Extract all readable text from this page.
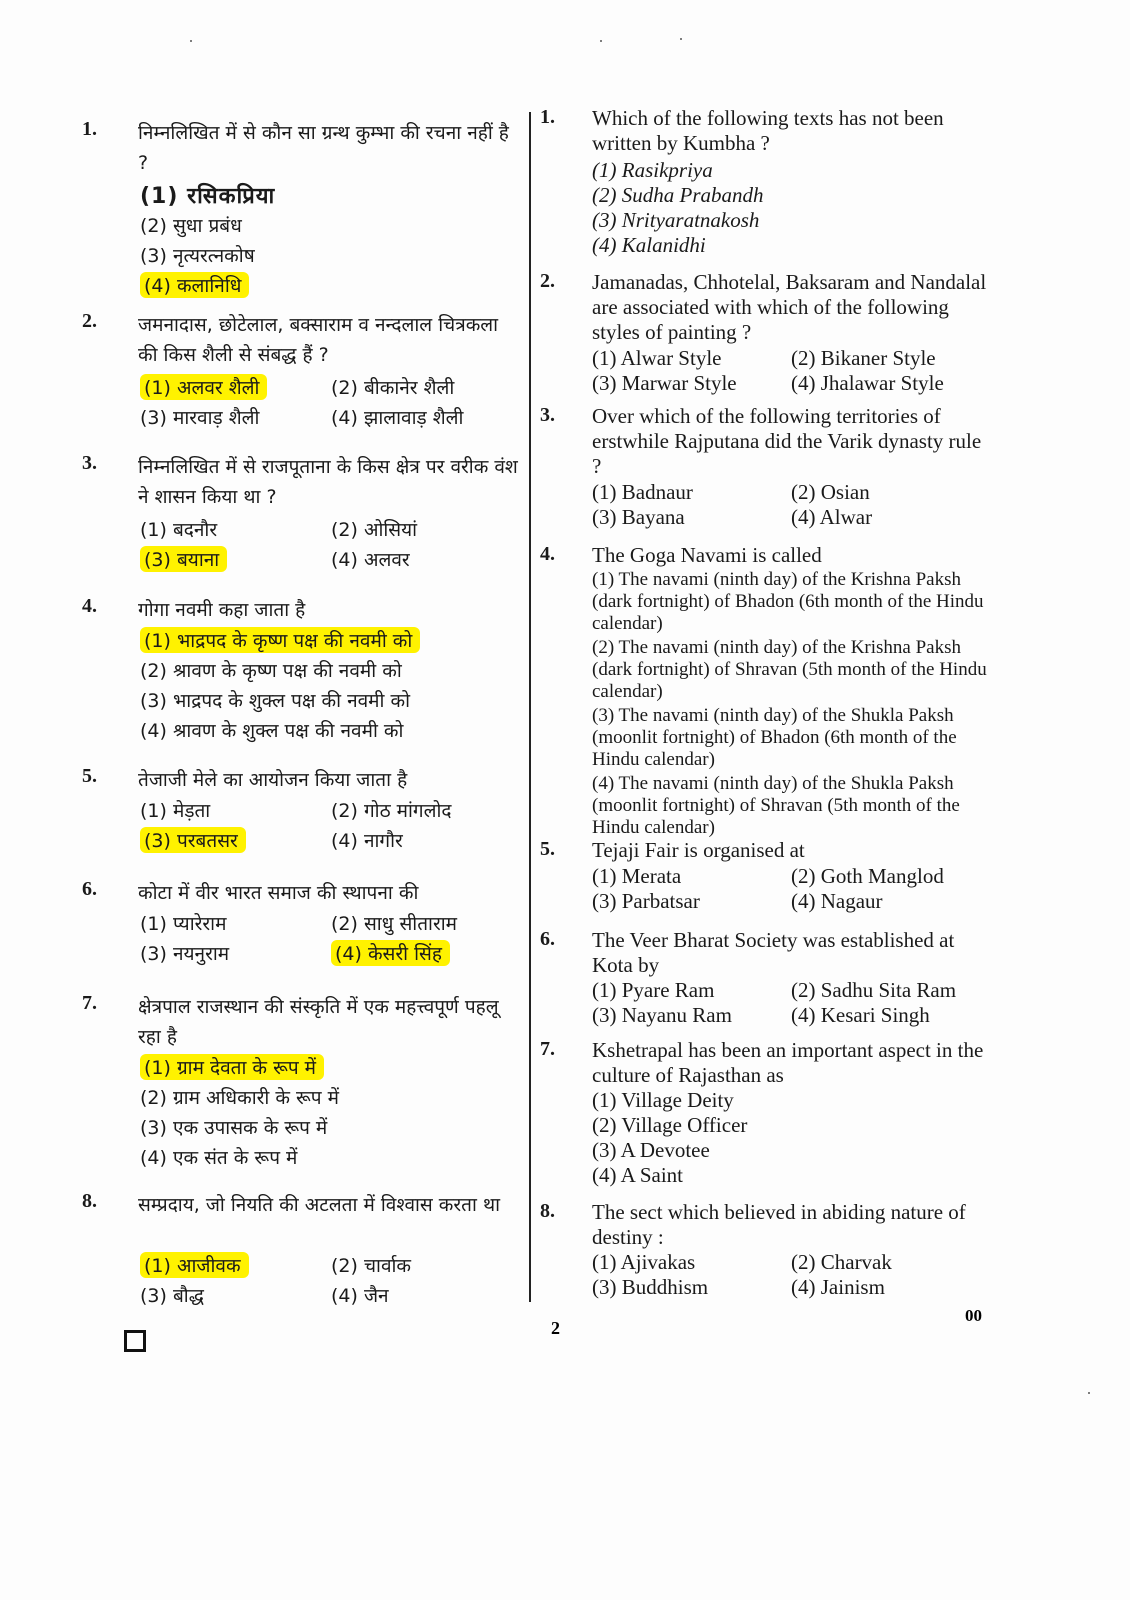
1. निम्नलिखित में से कौन सा ग्रन्थ कुम्भा की रचना नहीं है ?
(1) रसिकप्रिया
(2) सुधा प्रबंध
(3) नृत्यरत्नकोष
(4) कलानिधि
2. जमनादास, छोटेलाल, बक्साराम व नन्दलाल चित्रकला की किस शैली से संबद्ध हैं ?
(1) अलवर शैली	(2) बीकानेर शैली
(3) मारवाड़ शैली	(4) झालावाड़ शैली
3. निम्नलिखित में से राजपूताना के किस क्षेत्र पर वरीक वंश ने शासन किया था ?
(1) बदनौर	(2) ओसियां
(3) बयाना	(4) अलवर
4. गोगा नवमी कहा जाता है
(1) भाद्रपद के कृष्ण पक्ष की नवमी को
(2) श्रावण के कृष्ण पक्ष की नवमी को
(3) भाद्रपद के शुक्ल पक्ष की नवमी को
(4) श्रावण के शुक्ल पक्ष की नवमी को
5. तेजाजी मेले का आयोजन किया जाता है
(1) मेड़ता	(2) गोठ मांगलोद
(3) परबतसर	(4) नागौर
6. कोटा में वीर भारत समाज की स्थापना की
(1) प्यारेराम	(2) साधु सीताराम
(3) नयनुराम	(4) केसरी सिंह
7. क्षेत्रपाल राजस्थान की संस्कृति में एक महत्त्वपूर्ण पहलू रहा है
(1) ग्राम देवता के रूप में
(2) ग्राम अधिकारी के रूप में
(3) एक उपासक के रूप में
(4) एक संत के रूप में
8. सम्प्रदाय, जो नियति की अटलता में विश्वास करता था
(1) आजीवक	(2) चार्वाक
(3) बौद्ध	(4) जैन
1. Which of the following texts has not been written by Kumbha ?
(1) Rasikpriya
(2) Sudha Prabandh
(3) Nrityaratnakosh
(4) Kalanidhi
2. Jamanadas, Chhotelal, Baksaram and Nandalal are associated with which of the following styles of painting ?
(1) Alwar Style	(2) Bikaner Style
(3) Marwar Style	(4) Jhalawar Style
3. Over which of the following territories of erstwhile Rajputana did the Varik dynasty rule ?
(1) Badnaur	(2) Osian
(3) Bayana	(4) Alwar
4. The Goga Navami is called
(1) The navami (ninth day) of the Krishna Paksh (dark fortnight) of Bhadon (6th month of the Hindu calendar)
(2) The navami (ninth day) of the Krishna Paksh (dark fortnight) of Shravan (5th month of the Hindu calendar)
(3) The navami (ninth day) of the Shukla Paksh (moonlit fortnight) of Bhadon (6th month of the Hindu calendar)
(4) The navami (ninth day) of the Shukla Paksh (moonlit fortnight) of Shravan (5th month of the Hindu calendar)
5. Tejaji Fair is organised at
(1) Merata	(2) Goth Manglod
(3) Parbatsar	(4) Nagaur
6. The Veer Bharat Society was established at Kota by
(1) Pyare Ram	(2) Sadhu Sita Ram
(3) Nayanu Ram	(4) Kesari Singh
7. Kshetrapal has been an important aspect in the culture of Rajasthan as
(1) Village Deity
(2) Village Officer
(3) A Devotee
(4) A Saint
8. The sect which believed in abiding nature of destiny :
(1) Ajivakas	(2) Charvak
(3) Buddhism	(4) Jainism
2
00
